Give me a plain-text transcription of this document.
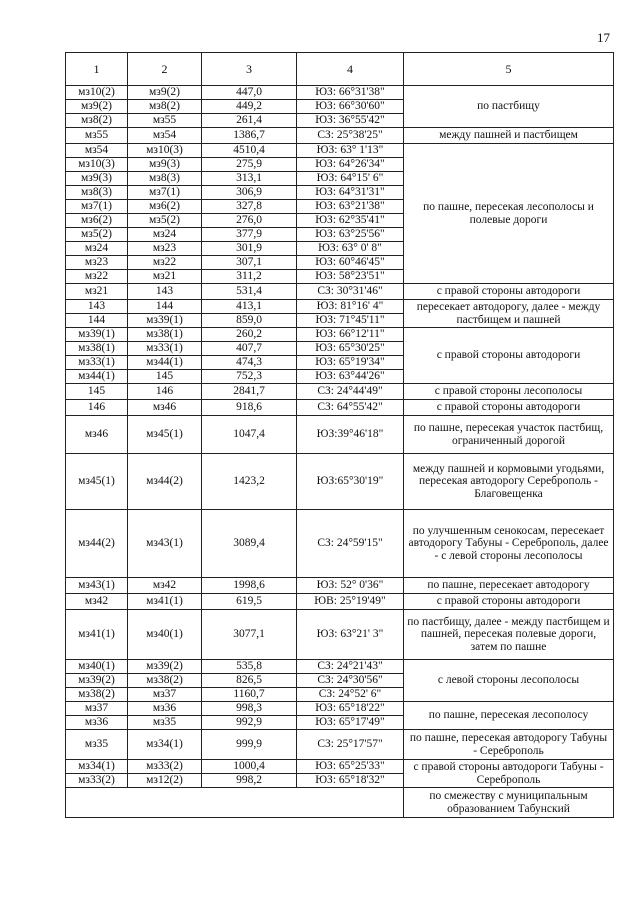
17
1	2	3	4	5
мз10(2)	мз9(2)	447,0	ЮЗ: 66°31'38"	по пастбищу
мз9(2)	мз8(2)	449,2	ЮЗ: 66°30'60"	
мз8(2)	мз55	261,4	ЮЗ: 36°55'42"	
мз55	мз54	1386,7	СЗ: 25°38'25"	между пашней и пастбищем
мз54	мз10(3)	4510,4	ЮЗ: 63° 1'13"	по пашне, пересекая лесополосы и полевые дороги
мз10(3)	мз9(3)	275,9	ЮЗ: 64°26'34"	
мз9(3)	мз8(3)	313,1	ЮЗ: 64°15' 6"	
мз8(3)	мз7(1)	306,9	ЮЗ: 64°31'31"	
мз7(1)	мз6(2)	327,8	ЮЗ: 63°21'38"	
мз6(2)	мз5(2)	276,0	ЮЗ: 62°35'41"	
мз5(2)	мз24	377,9	ЮЗ: 63°25'56"	
мз24	мз23	301,9	ЮЗ: 63° 0' 8"	
мз23	мз22	307,1	ЮЗ: 60°46'45"	
мз22	мз21	311,2	ЮЗ: 58°23'51"	
мз21	143	531,4	СЗ: 30°31'46"	с правой стороны автодороги
143	144	413,1	ЮЗ: 81°16' 4"	пересекает автодорогу, далее - между пастбищем и пашней
144	мз39(1)	859,0	ЮЗ: 71°45'11"	
мз39(1)	мз38(1)	260,2	ЮЗ: 66°12'11"	с правой стороны автодороги
мз38(1)	мз33(1)	407,7	ЮЗ: 65°30'25"	
мз33(1)	мз44(1)	474,3	ЮЗ: 65°19'34"	
мз44(1)	145	752,3	ЮЗ: 63°44'26"	
145	146	2841,7	СЗ: 24°44'49"	с правой стороны лесополосы
146	мз46	918,6	СЗ: 64°55'42"	с правой стороны автодороги
мз46	мз45(1)	1047,4	ЮЗ:39°46'18"	по пашне, пересекая участок пастбищ, ограниченный дорогой
мз45(1)	мз44(2)	1423,2	ЮЗ:65°30'19"	между пашней и кормовыми угодьями, пересекая автодорогу Сереброполь - Благовещенка
мз44(2)	мз43(1)	3089,4	СЗ: 24°59'15"	по улучшенным сенокосам, пересекает автодорогу Табуны - Сереброполь, далее - с левой стороны лесополосы
мз43(1)	мз42	1998,6	ЮЗ: 52° 0'36"	по пашне, пересекает автодорогу
мз42	мз41(1)	619,5	ЮВ: 25°19'49"	с правой стороны автодороги
мз41(1)	мз40(1)	3077,1	ЮЗ: 63°21' 3"	по пастбищу, далее - между пастбищем и пашней, пересекая полевые дороги, затем по пашне
мз40(1)	мз39(2)	535,8	СЗ: 24°21'43"	с левой стороны лесополосы
мз39(2)	мз38(2)	826,5	СЗ: 24°30'56"	
мз38(2)	мз37	1160,7	СЗ: 24°52' 6"	
мз37	мз36	998,3	ЮЗ: 65°18'22"	по пашне, пересекая лесополосу
мз36	мз35	992,9	ЮЗ: 65°17'49"	
мз35	мз34(1)	999,9	СЗ: 25°17'57"	по пашне, пересекая автодорогу Табуны - Сереброполь
мз34(1)	мз33(2)	1000,4	ЮЗ: 65°25'33"	с правой стороны автодороги Табуны - Сереброполь
мз33(2)	мз12(2)	998,2	ЮЗ: 65°18'32"	
				по смежеству с муниципальным образованием Табунский
